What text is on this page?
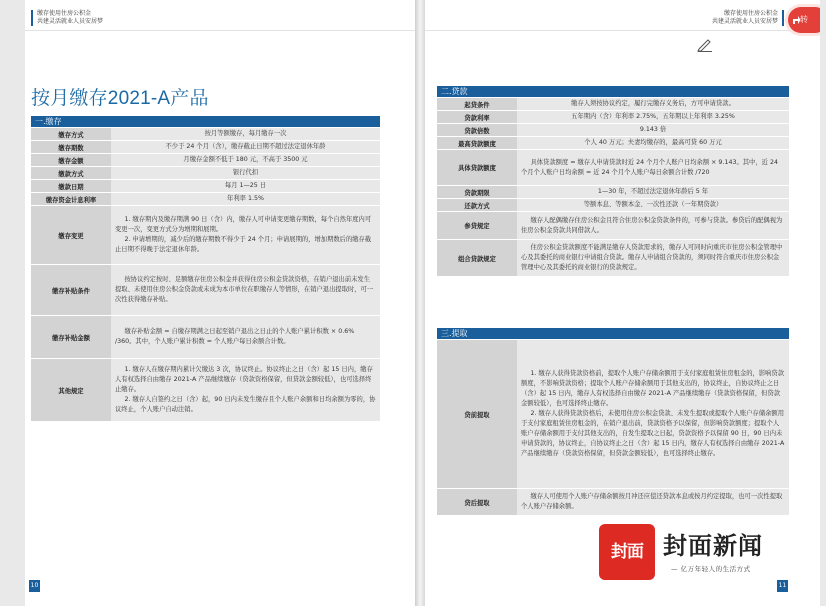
缴存使用住房公积金
共建灵活就业人员安居梦
按月缴存2021-A产品
一.缴存
缴存方式	按月等额缴存，每月缴存一次
缴存期数	不少于 24 个月（含），缴存截止日期不超过法定退休年龄
缴存金额	月缴存金额不低于 180 元，不高于 3500 元
缴款方式	银行代扣
缴款日期	每月 1—25 日
缴存资金计息利率	年利率 1.5%
缴存变更	1. 缴存期内及缴存期满 90 日（含）内，缴存人可申请变更缴存期数，每个自然年度内可变更一次，变更方式分为增期和展期。
2. 申请增期的，减少后的缴存期数不得少于 24 个月；申请展期的，增加期数后的缴存截止日期不得晚于法定退休年龄。

缴存补贴条件	按协议约定按时、足额缴存住房公积金并获得住房公积金贷款资格，在销户退出前未发生提取、未使用住房公积金贷款或未成为本市单位在职缴存人等情形，在销户退出提取时，可一次性获得缴存补贴。

缴存补贴金额	缴存补贴金额 = 自缴存期满之日起至销户退出之日止的个人账户累计积数 × 0.6% /360。其中，个人账户累计积数 = 个人账户每日余额合计数。

其他规定	1. 缴存人在缴存期内累计欠缴达 3 次，协议终止。协议终止之日（含）起 15 日内，缴存人有权选择自由缴存 2021-A 产品继续缴存（贷款资格保留，但贷款金额较低），也可选择终止缴存。
2. 缴存人自签约之日（含）起，90 日内未发生缴存且个人账户余额和日均余额为零的，协议终止，个人账户自动注销。
10
缴存使用住房公积金
共建灵活就业人员安居梦	转
二.贷款
起贷条件	缴存人须按协议约定，履行完缴存义务后，方可申请贷款。
贷款利率	五年期内（含）年利率 2.75%，五年期以上年利率 3.25%
贷款倍数	9.143 倍
最高贷款额度	个人 40 万元；夫妻均缴存的，最高可贷 60 万元
具体贷款额度	具体贷款额度 = 缴存人申请贷款时近 24 个月个人账户日均余额 × 9.143。其中，近 24 个月个人账户日均余额 = 近 24 个月个人账户每日余额合计数 /720

贷款期限	1—30 年，不超过法定退休年龄后 5 年
还款方式	等额本息、等额本金、一次性还款（一年期贷款）
参贷规定	缴存人配偶缴存住房公积金且符合住房公积金贷款条件的，可参与贷款。参贷后的配偶视为住房公积金贷款共同借款人。

组合贷款规定	住房公积金贷款额度不能满足缴存人贷款需求的，缴存人可同时向重庆市住房公积金管理中心及其委托的商业银行申请组合贷款。缴存人申请组合贷款的，须同时符合重庆市住房公积金管理中心及其委托的商业银行的贷款规定。
三.提取
贷前提取	1. 缴存人获得贷款资格前，提取个人账户存储余额用于支付家庭租赁住房租金的，影响贷款额度，不影响贷款资格；提取个人账户存储余额用于其他支出的，协议终止，自协议终止之日（含）起 15 日内，缴存人有权选择自由缴存 2021-A 产品继续缴存（贷款资格保留，但贷款金额较低），也可选择终止缴存。
2. 缴存人获得贷款资格后，未使用住房公积金贷款、未发生提取或提取个人账户存储余额用于支付家庭租赁住房租金的，在销户退出前，贷款资格予以保留，但影响贷款额度；提取个人账户存储余额用于支付其他支出的，自发生提取之日起，贷款资格予以保留 90 日，90 日内未申请贷款的，协议终止，自协议终止之日（含）起 15 日内，缴存人有权选择自由缴存 2021-A 产品继续缴存（贷款资格保留，但贷款金额较低），也可选择终止缴存。

贷后提取	缴存人可使用个人账户存储余额按月冲还应偿还贷款本息或按月约定提取，也可一次性提取个人账户存储余额。
封面 封面新闻
— 亿万年轻人的生活方式
11
